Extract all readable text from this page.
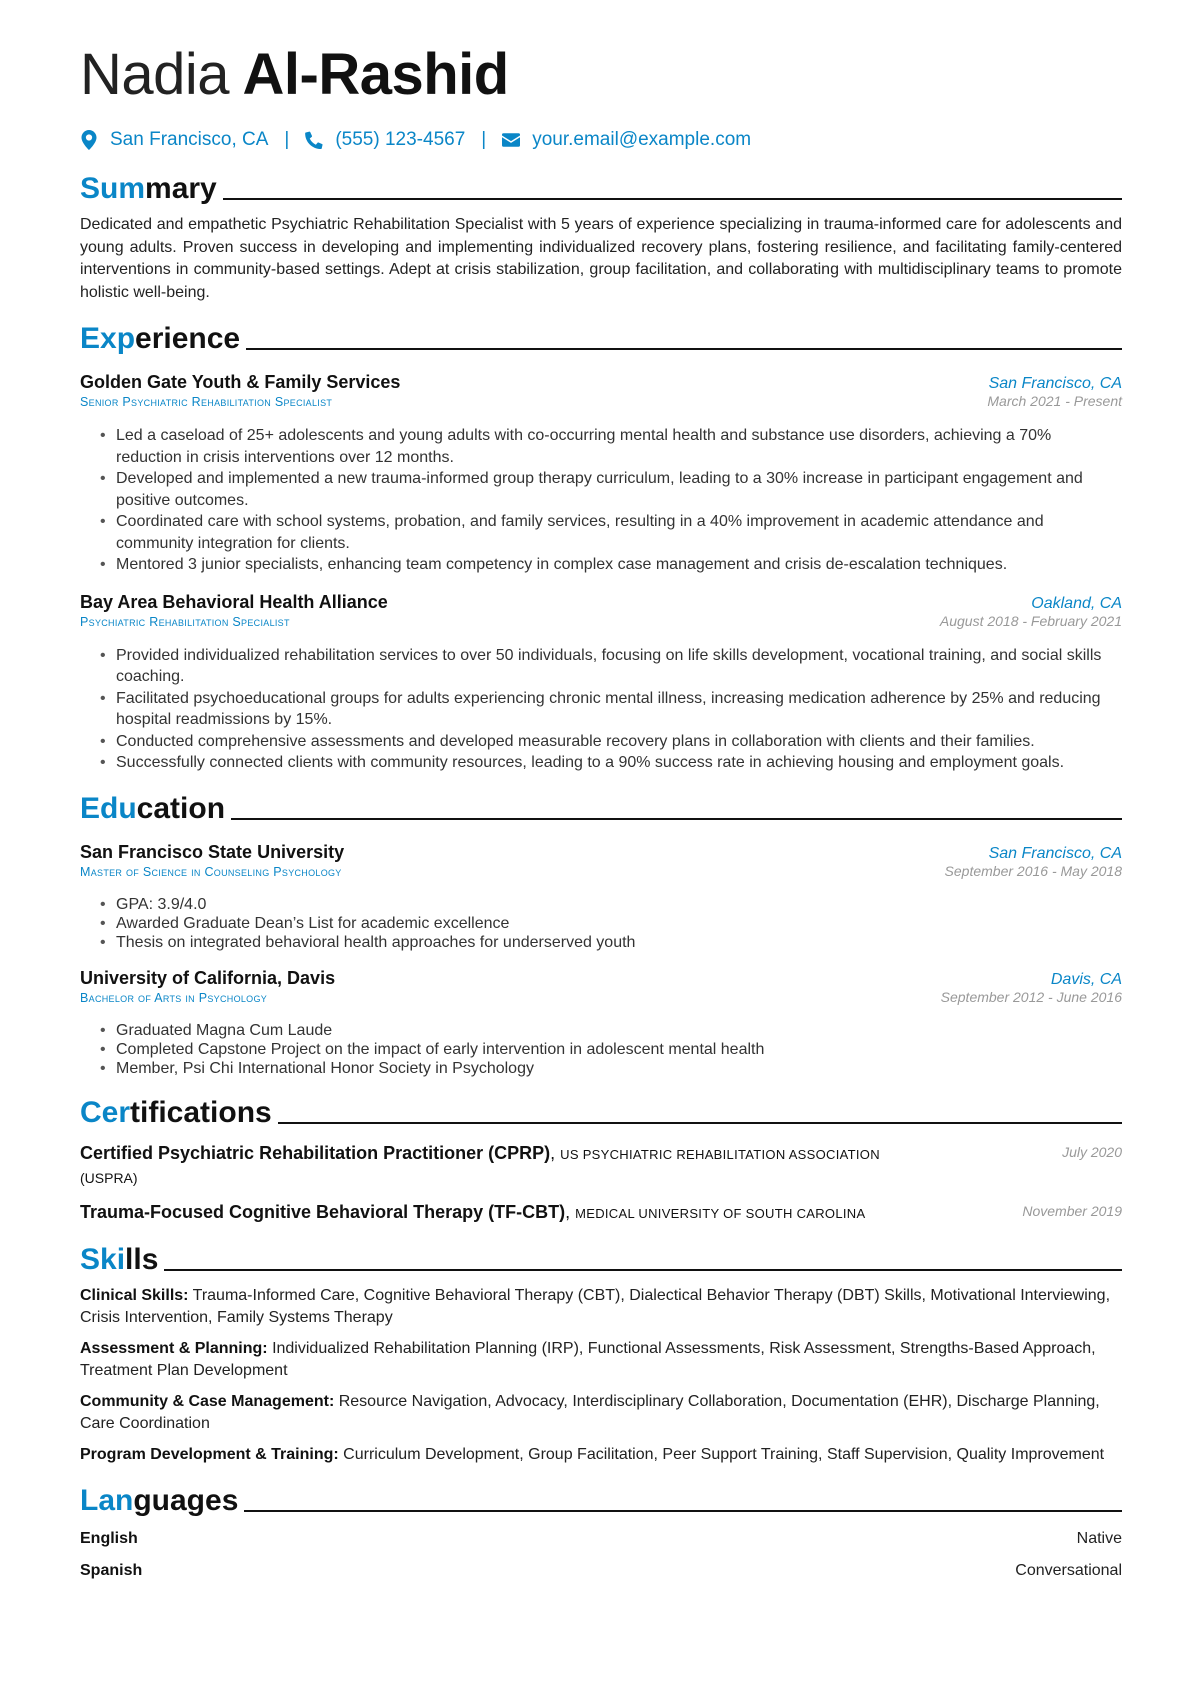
Nadia Al-Rashid
San Francisco, CA | (555) 123-4567 | your.email@example.com
Summary
Dedicated and empathetic Psychiatric Rehabilitation Specialist with 5 years of experience specializing in trauma-informed care for adolescents and young adults. Proven success in developing and implementing individualized recovery plans, fostering resilience, and facilitating family-centered interventions in community-based settings. Adept at crisis stabilization, group facilitation, and collaborating with multidisciplinary teams to promote holistic well-being.
Experience
Golden Gate Youth & Family Services	San Francisco, CA
Senior Psychiatric Rehabilitation Specialist	March 2021 - Present
• Led a caseload of 25+ adolescents and young adults with co-occurring mental health and substance use disorders, achieving a 70% reduction in crisis interventions over 12 months.
• Developed and implemented a new trauma-informed group therapy curriculum, leading to a 30% increase in participant engagement and positive outcomes.
• Coordinated care with school systems, probation, and family services, resulting in a 40% improvement in academic attendance and community integration for clients.
• Mentored 3 junior specialists, enhancing team competency in complex case management and crisis de-escalation techniques.
Bay Area Behavioral Health Alliance	Oakland, CA
Psychiatric Rehabilitation Specialist	August 2018 - February 2021
• Provided individualized rehabilitation services to over 50 individuals, focusing on life skills development, vocational training, and social skills coaching.
• Facilitated psychoeducational groups for adults experiencing chronic mental illness, increasing medication adherence by 25% and reducing hospital readmissions by 15%.
• Conducted comprehensive assessments and developed measurable recovery plans in collaboration with clients and their families.
• Successfully connected clients with community resources, leading to a 90% success rate in achieving housing and employment goals.
Education
San Francisco State University	San Francisco, CA
Master of Science in Counseling Psychology	September 2016 - May 2018
• GPA: 3.9/4.0
• Awarded Graduate Dean’s List for academic excellence
• Thesis on integrated behavioral health approaches for underserved youth
University of California, Davis	Davis, CA
Bachelor of Arts in Psychology	September 2012 - June 2016
• Graduated Magna Cum Laude
• Completed Capstone Project on the impact of early intervention in adolescent mental health
• Member, Psi Chi International Honor Society in Psychology
Certifications
Certified Psychiatric Rehabilitation Practitioner (CPRP), US PSYCHIATRIC REHABILITATION ASSOCIATION
(USPRA)
July 2020
Trauma-Focused Cognitive Behavioral Therapy (TF-CBT), MEDICAL UNIVERSITY OF SOUTH CAROLINA	November 2019
Skills
Clinical Skills: Trauma-Informed Care, Cognitive Behavioral Therapy (CBT), Dialectical Behavior Therapy (DBT) Skills, Motivational Interviewing, Crisis Intervention, Family Systems Therapy
Assessment & Planning: Individualized Rehabilitation Planning (IRP), Functional Assessments, Risk Assessment, Strengths-Based Approach, Treatment Plan Development
Community & Case Management: Resource Navigation, Advocacy, Interdisciplinary Collaboration, Documentation (EHR), Discharge Planning, Care Coordination
Program Development & Training: Curriculum Development, Group Facilitation, Peer Support Training, Staff Supervision, Quality Improvement
Languages
English	Native
Spanish	Conversational
